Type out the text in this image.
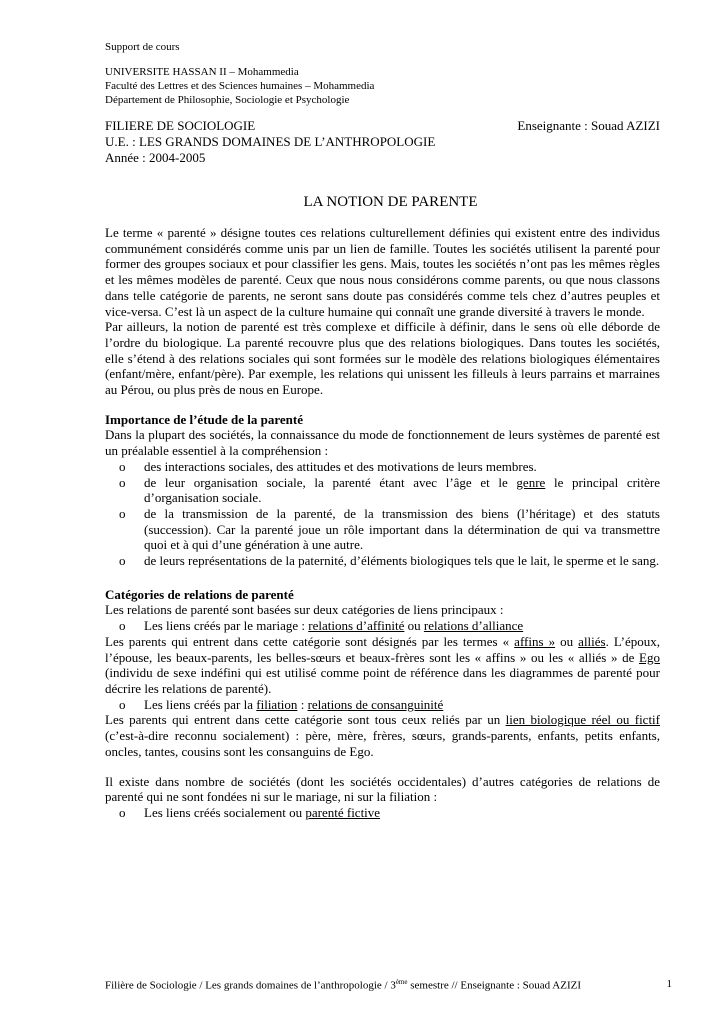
Support de cours
UNIVERSITE HASSAN II – Mohammedia
Faculté des Lettres et des Sciences humaines – Mohammedia
Département de Philosophie, Sociologie et Psychologie
FILIERE DE SOCIOLOGIE	Enseignante : Souad AZIZI
U.E. : LES GRANDS DOMAINES DE L’ANTHROPOLOGIE
Année : 2004-2005
LA NOTION DE PARENTE

Le terme « parenté » désigne toutes ces relations culturellement définies qui existent entre des individus communément considérés comme unis par un lien de famille. Toutes les sociétés utilisent la parenté pour former des groupes sociaux et pour classifier les gens. Mais, toutes les sociétés n’ont pas les mêmes règles et les mêmes modèles de parenté. Ceux que nous nous considérons comme parents, ou que nous classons dans telle catégorie de parents, ne seront sans doute pas considérés comme tels chez d’autres peuples et vice-versa. C’est là un aspect de la culture humaine qui connaît une grande diversité à travers le monde.

Par ailleurs, la notion de parenté est très complexe et difficile à définir, dans le sens où elle déborde de l’ordre du biologique. La parenté recouvre plus que des relations biologiques. Dans toutes les sociétés, elle s’étend à des relations sociales qui sont formées sur le modèle des relations biologiques élémentaires (enfant/mère, enfant/père). Par exemple, les relations qui unissent les filleuls à leurs parrains et marraines au Pérou, ou plus près de nous en Europe.

Importance de l’étude de la parenté

Dans la plupart des sociétés, la connaissance du mode de fonctionnement de leurs systèmes de parenté est un préalable essentiel à la compréhension :

o	des interactions sociales, des attitudes et des motivations de leurs membres.
o	de leur organisation sociale, la parenté étant avec l’âge et le genre le principal critère d’organisation sociale.
o	de la transmission de la parenté, de la transmission des biens (l’héritage) et des statuts (succession). Car la parenté joue un rôle important dans la détermination de qui va transmettre quoi et à qui d’une génération à une autre.
o	de leurs représentations de la paternité, d’éléments biologiques tels que le lait, le sperme et le sang.
Catégories de relations de parenté

Les relations de parenté sont basées sur deux catégories de liens principaux :

o	Les liens créés par le mariage : relations d’affinité ou relations d’alliance

Les parents qui entrent dans cette catégorie sont désignés par les termes « affins » ou alliés. L’époux, l’épouse, les beaux-parents, les belles-sœurs et beaux-frères sont les « affins » ou les « alliés » de Ego (individu de sexe indéfini qui est utilisé comme point de référence dans les diagrammes de parenté pour décrire les relations de parenté).

o	Les liens créés par la filiation : relations de consanguinité

Les parents qui entrent dans cette catégorie sont tous ceux reliés par un lien biologique réel ou fictif (c’est-à-dire reconnu socialement) : père, mère, frères, sœurs, grands-parents, enfants, petits enfants, oncles, tantes, cousins sont les consanguins de Ego.

Il existe dans nombre de sociétés (dont les sociétés occidentales) d’autres catégories de relations de parenté qui ne sont fondées ni sur le mariage, ni sur la filiation :

o	Les liens créés socialement ou parenté fictive
Filière de Sociologie / Les grands domaines de l’anthropologie / 3ème semestre // Enseignante : Souad AZIZI	1
